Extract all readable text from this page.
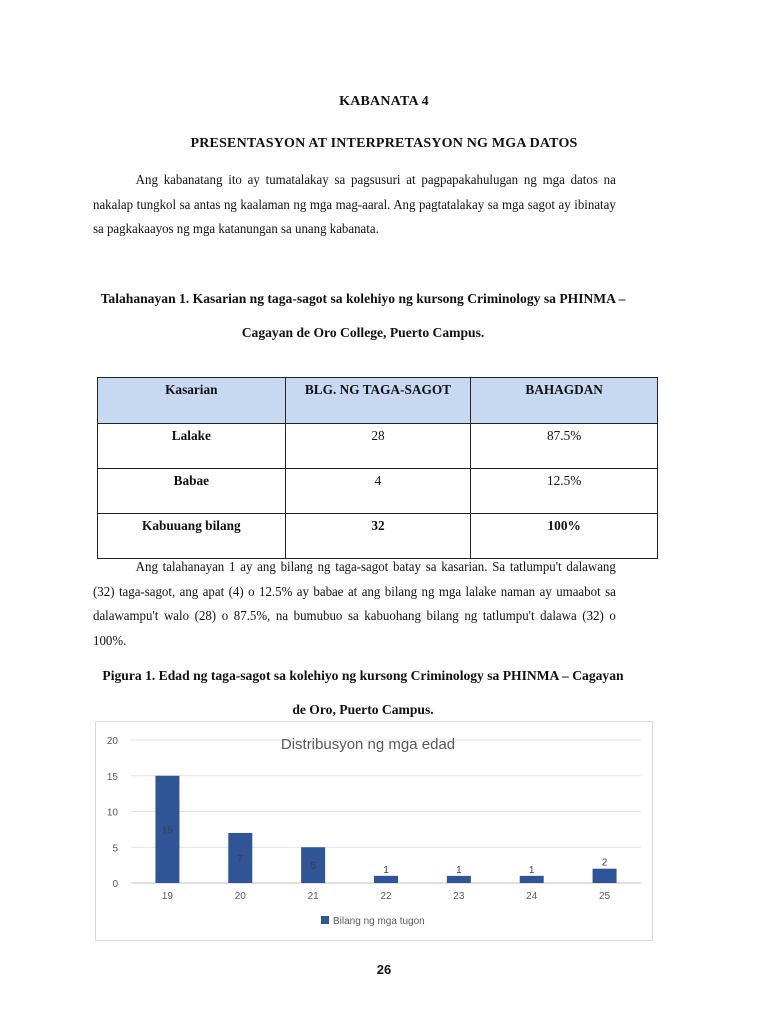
KABANATA 4
PRESENTASYON AT INTERPRETASYON NG MGA DATOS

Ang kabanatang ito ay tumatalakay sa pagsusuri at pagpapakahulugan ng mga datos na nakalap tungkol sa antas ng kaalaman ng mga mag-aaral. Ang pagtatalakay sa mga sagot ay ibinatay sa pagkakaayos ng mga katanungan sa unang kabanata.

Talahanayan 1. Kasarian ng taga-sagot sa kolehiyo ng kursong Criminology sa PHINMA –
Cagayan de Oro College, Puerto Campus.

Kasarian	BLG. NG TAGA-SAGOT	BAHAGDAN
Lalake	28	87.5%
Babae	4	12.5%
Kabuuang bilang	32	100%

Ang talahanayan 1 ay ang bilang ng taga-sagot batay sa kasarian. Sa tatlumpu't dalawang (32) taga-sagot, ang apat (4) o 12.5% ay babae at ang bilang ng mga lalake naman ay umaabot sa dalawampu't walo (28) o 87.5%, na bumubuo sa kabuohang bilang ng tatlumpu't dalawa (32) o 100%.

Pigura 1. Edad ng taga-sagot sa kolehiyo ng kursong Criminology sa PHINMA – Cagayan
de Oro, Puerto Campus.

0
5
10
15
20	Distribusyon ng mga edad
15
19
7
20
5
21
1
22
1
23
1
24
2
25
Bilang ng mga tugon
26
